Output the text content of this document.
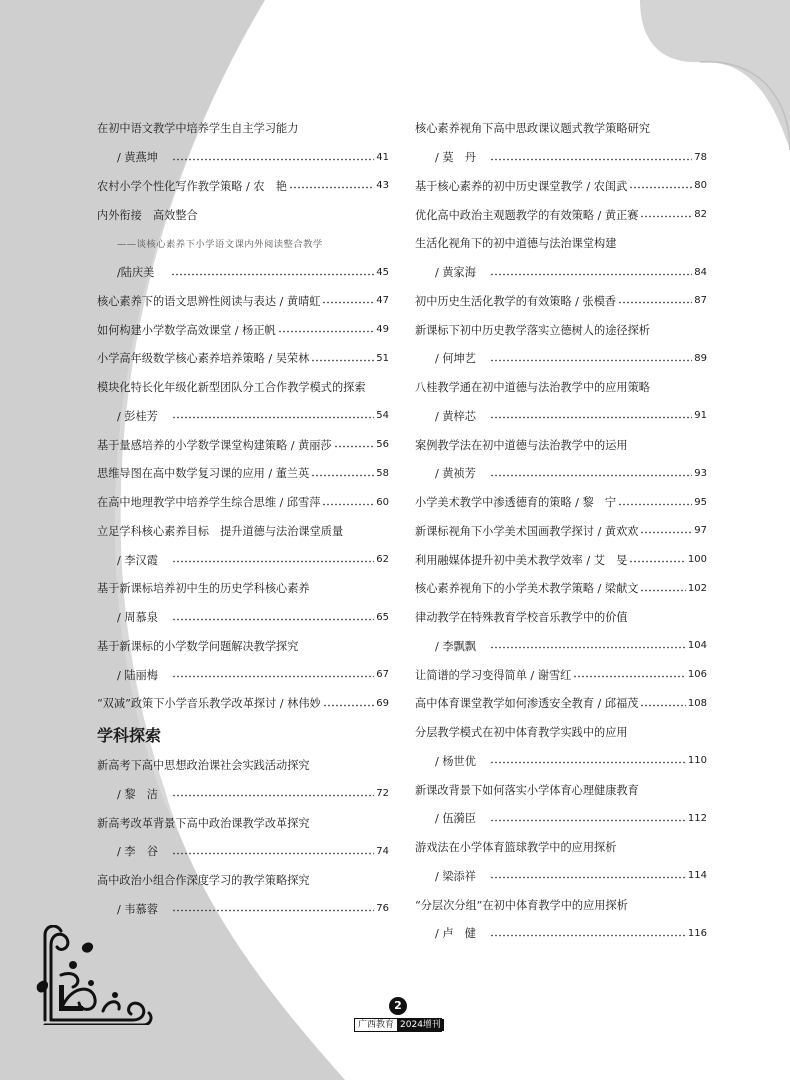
在初中语文教学中培养学生自主学习能力
/ 黄燕坤	41
农村小学个性化写作教学策略 / 农　艳	43
内外衔接　高效整合
——谈核心素养下小学语文课内外阅读整合教学
/陆庆美	45
核心素养下的语文思辨性阅读与表达 / 黄晴虹	47
如何构建小学数学高效课堂 / 杨正帆	49
小学高年级数学核心素养培养策略 / 吴荣林	51
模块化特长化年级化新型团队分工合作教学模式的探索
/ 彭桂芳	54
基于量感培养的小学数学课堂构建策略 / 黄丽莎	56
思维导图在高中数学复习课的应用 / 董兰英	58
在高中地理教学中培养学生综合思维 / 邱雪萍	60
立足学科核心素养目标　提升道德与法治课堂质量
/ 李汉霞	62
基于新课标培养初中生的历史学科核心素养
/ 周慕泉	65
基于新课标的小学数学问题解决教学探究
/ 陆丽梅	67
“双减”政策下小学音乐教学改革探讨 / 林伟妙	69
学科探索
新高考下高中思想政治课社会实践活动探究
/ 黎　洁	72
新高考改革背景下高中政治课教学改革探究
/ 李　谷	74
高中政治小组合作深度学习的教学策略探究
/ 韦慕蓉	76
核心素养视角下高中思政课议题式教学策略研究
/ 莫　丹	78
基于核心素养的初中历史课堂教学 / 农闺武	80
优化高中政治主观题教学的有效策略 / 黄正赛	82
生活化视角下的初中道德与法治课堂构建
/ 黄家海	84
初中历史生活化教学的有效策略 / 张模香	87
新课标下初中历史教学落实立德树人的途径探析
/ 何坤艺	89
八桂教学通在初中道德与法治教学中的应用策略
/ 黄梓芯	91
案例教学法在初中道德与法治教学中的运用
/ 黄祯芳	93
小学美术教学中渗透德育的策略 / 黎　宁	95
新课标视角下小学美术国画教学探讨 / 黄欢欢	97
利用融媒体提升初中美术教学效率 / 艾　旻	100
核心素养视角下的小学美术教学策略 / 梁献文	102
律动教学在特殊教育学校音乐教学中的价值
/ 李飘飘	104
让简谱的学习变得简单 / 谢雪红	106
高中体育课堂教学如何渗透安全教育 / 邱福茂	108
分层教学模式在初中体育教学实践中的应用
/ 杨世优	110
新课改背景下如何落实小学体育心理健康教育
/ 伍漪臣	112
游戏法在小学体育篮球教学中的应用探析
/ 梁添祥	114
“分层次分组”在初中体育教学中的应用探析
/ 卢　健	116
2
广西教育 2024增刊
